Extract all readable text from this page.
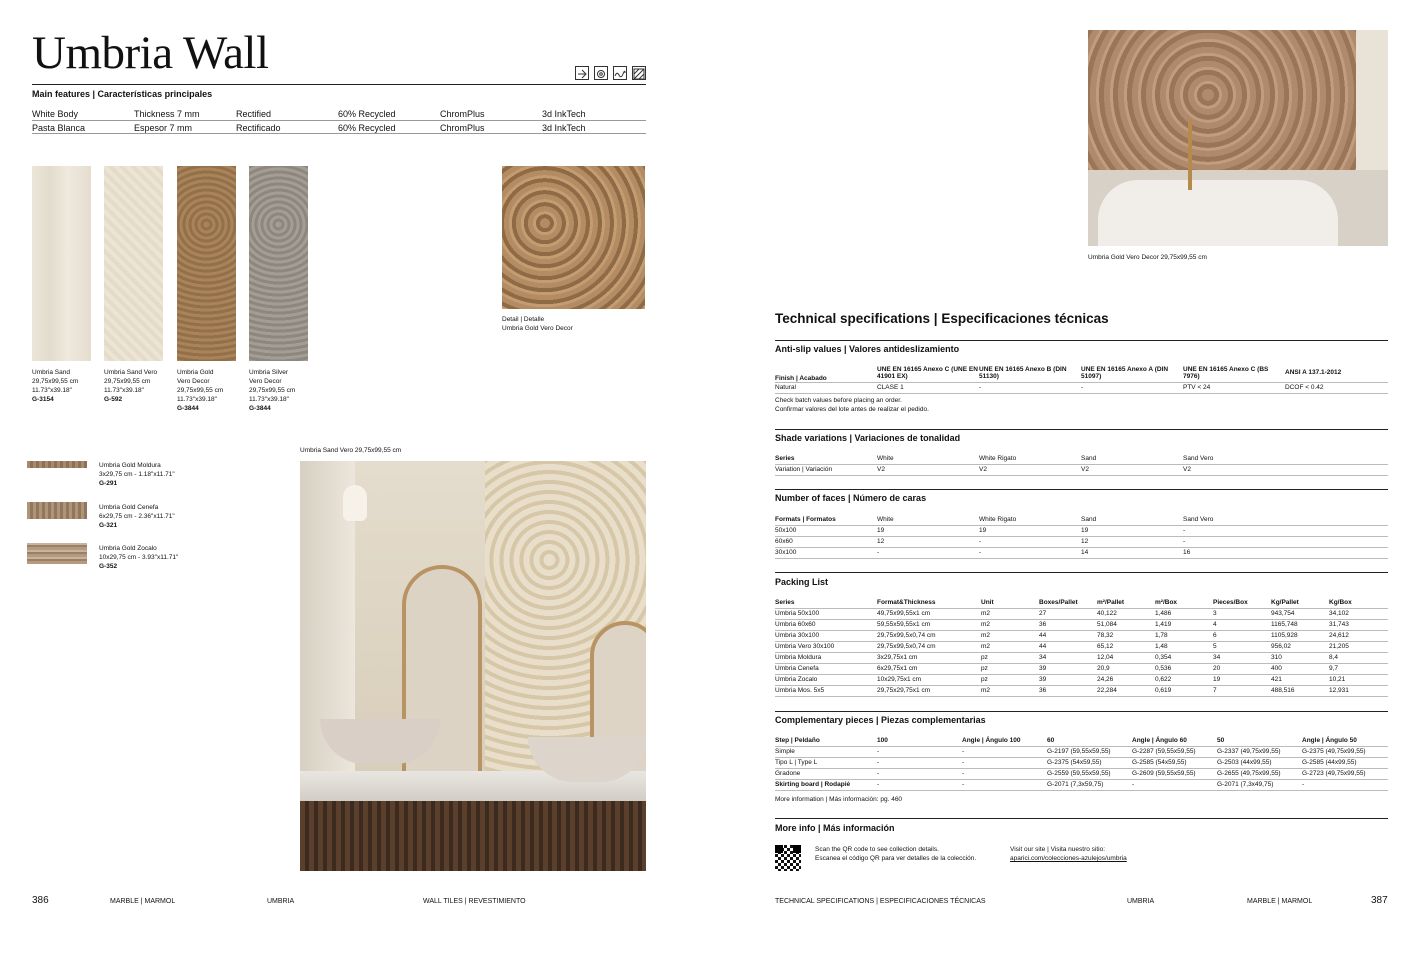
Umbria Wall
Main features | Características principales
White Body	Thickness 7 mm	Rectified	60% Recycled	ChromPlus	3d InkTech
Pasta Blanca	Espesor 7 mm	Rectificado	60% Recycled	ChromPlus	3d InkTech
Umbria Sand
29,75x99,55 cm
11.73"x39.18"
G-3154
Umbria Sand Vero
29,75x99,55 cm
11.73"x39.18"
G-592
Umbria Gold
Vero Decor
29,75x99,55 cm
11.73"x39.18"
G-3844
Umbria Silver
Vero Decor
29,75x99,55 cm
11.73"x39.18"
G-3844
Detail | Detalle
Umbria Gold Vero Decor
Umbria Gold Moldura
3x29,75 cm - 1.18"x11.71"
G-291
Umbria Gold Cenefa
6x29,75 cm - 2.36"x11.71"
G-321
Umbria Gold Zocalo
10x29,75 cm - 3.93"x11.71"
G-352
Umbria Sand Vero 29,75x99,55 cm
386	MARBLE | MARMOL	UMBRIA	WALL TILES | REVESTIMIENTO
Umbria Gold Vero Decor 29,75x99,55 cm
Technical specifications | Especificaciones técnicas
Anti-slip values | Valores antideslizamiento
Finish | Acabado	UNE EN 16165 Anexo C (UNE EN 41901 EX)	UNE EN 16165 Anexo B (DIN 51130)	UNE EN 16165 Anexo A (DIN 51097)	UNE EN 16165 Anexo C (BS 7976)	ANSI A 137.1-2012
Natural	CLASE 1	-	-	PTV < 24	DCOF < 0.42
Check batch values before placing an order.
Confirmar valores del lote antes de realizar el pedido.
Shade variations | Variaciones de tonalidad
Series	White	White Rigato	Sand	Sand Vero
Variation | Variación	V2	V2	V2	V2
Number of faces | Número de caras
Formats | Formatos	White	White Rigato	Sand	Sand Vero
50x100	19	19	19	-
60x60	12	-	12	-
30x100	-	-	14	16
Packing List
Series	Format&Thickness	Unit	Boxes/Pallet	m²/Pallet	m²/Box	Pieces/Box	Kg/Pallet	Kg/Box
Umbria 50x100	49,75x99,55x1 cm	m2	27	40,122	1,486	3	943,754	34,102
Umbria 60x60	59,55x59,55x1 cm	m2	36	51,084	1,419	4	1165,748	31,743
Umbria 30x100	29,75x99,5x0,74 cm	m2	44	78,32	1,78	6	1105,928	24,612
Umbria Vero 30x100	29,75x99,5x0,74 cm	m2	44	65,12	1,48	5	956,02	21,205
Umbria Moldura	3x29,75x1 cm	pz	34	12,04	0,354	34	310	8,4
Umbria Cenefa	6x29,75x1 cm	pz	39	20,9	0,536	20	400	9,7
Umbria Zocalo	10x29,75x1 cm	pz	39	24,26	0,622	19	421	10,21
Umbria Mos. 5x5	29,75x29,75x1 cm	m2	36	22,284	0,619	7	488,516	12,931
Complementary pieces | Piezas complementarias
Step | Peldaño	100	Angle | Ángulo 100	60	Angle | Ángulo 60	50	Angle | Ángulo 50
Simple	-	-	G-2197 (59,55x59,55)	G-2287 (59,55x59,55)	G-2337 (49,75x99,55)	G-2375 (49,75x99,55)
Tipo L | Type L	-	-	G-2375 (54x59,55)	G-2585 (54x59,55)	G-2503 (44x99,55)	G-2585 (44x99,55)
Gradone	-	-	G-2559 (59,55x59,55)	G-2609 (59,55x59,55)	G-2655 (49,75x99,55)	G-2723 (49,75x99,55)
Skirting board | Rodapié	-	-	G-2071 (7,3x59,75)	-	G-2071 (7,3x49,75)	-
More information | Más información: pg. 460
More info | Más información
Scan the QR code to see collection details.
Escanea el código QR para ver detalles de la colección.
Visit our site | Visita nuestro sitio:
aparici.com/colecciones-azulejos/umbria
TECHNICAL SPECIFICATIONS | ESPECIFICACIONES TÉCNICAS	UMBRIA	MARBLE | MARMOL	387
